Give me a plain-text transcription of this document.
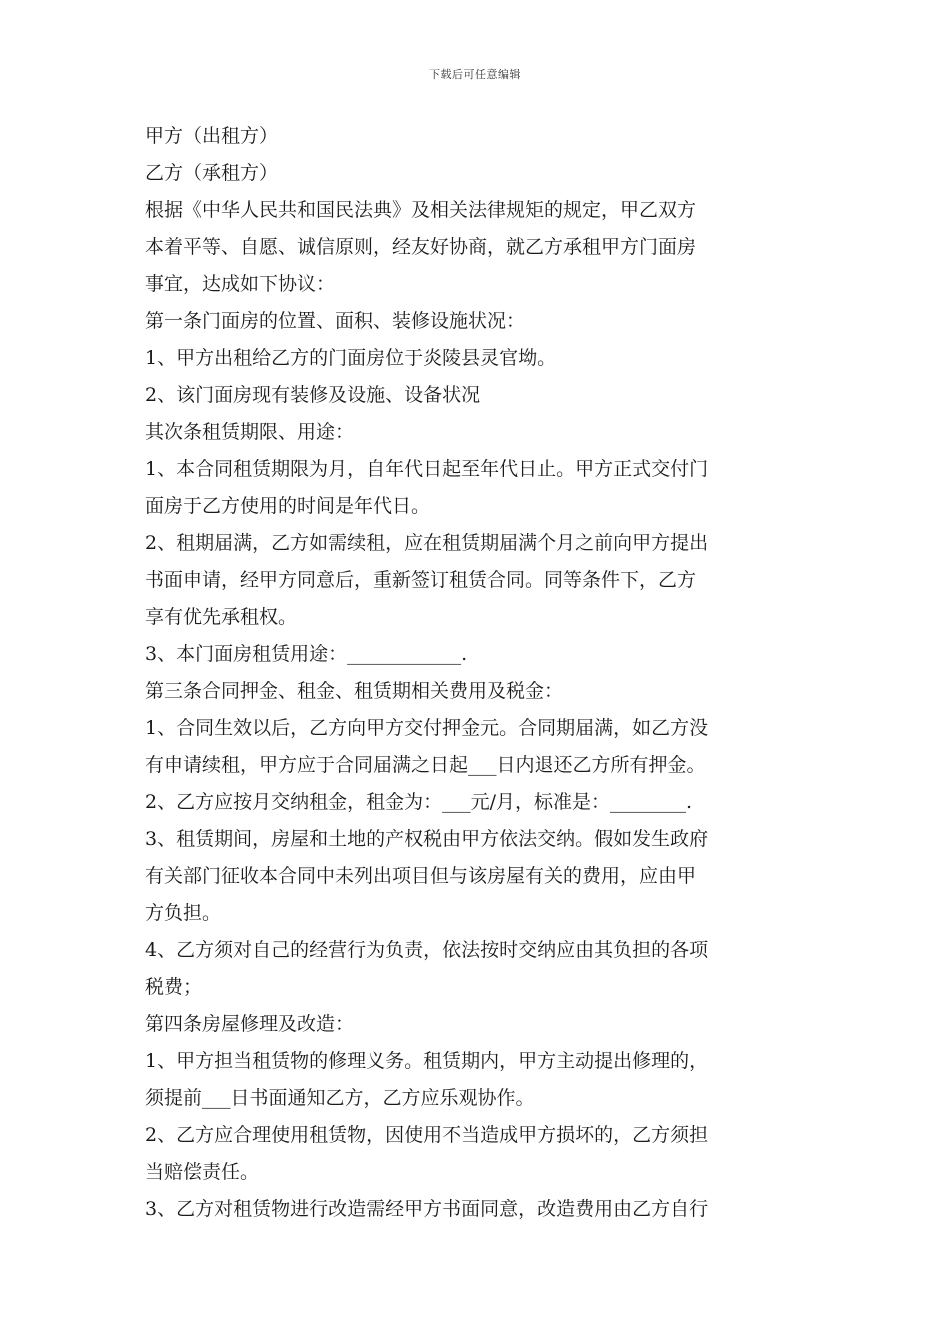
下载后可任意编辑
甲方（出租方）
乙方（承租方）
根据《中华人民共和国民法典》及相关法律规矩的规定，甲乙双方
本着平等、自愿、诚信原则，经友好协商，就乙方承租甲方门面房
事宜，达成如下协议：
第一条门面房的位置、面积、装修设施状况：
1、甲方出租给乙方的门面房位于炎陵县灵官坳。
2、该门面房现有装修及设施、设备状况
其次条租赁期限、用途：
1、本合同租赁期限为月，自年代日起至年代日止。甲方正式交付门
面房于乙方使用的时间是年代日。
2、租期届满，乙方如需续租，应在租赁期届满个月之前向甲方提出
书面申请，经甲方同意后，重新签订租赁合同。同等条件下，乙方
享有优先承租权。
3、本门面房租赁用途：____________.
第三条合同押金、租金、租赁期相关费用及税金：
1、合同生效以后，乙方向甲方交付押金元。合同期届满，如乙方没
有申请续租，甲方应于合同届满之日起___日内退还乙方所有押金。
2、乙方应按月交纳租金，租金为：___元/月，标准是：________.
3、租赁期间，房屋和土地的产权税由甲方依法交纳。假如发生政府
有关部门征收本合同中未列出项目但与该房屋有关的费用，应由甲
方负担。
4、乙方须对自己的经营行为负责，依法按时交纳应由其负担的各项
税费；
第四条房屋修理及改造：
1、甲方担当租赁物的修理义务。租赁期内，甲方主动提出修理的，
须提前___日书面通知乙方，乙方应乐观协作。
2、乙方应合理使用租赁物，因使用不当造成甲方损坏的，乙方须担
当赔偿责任。
3、乙方对租赁物进行改造需经甲方书面同意，改造费用由乙方自行
